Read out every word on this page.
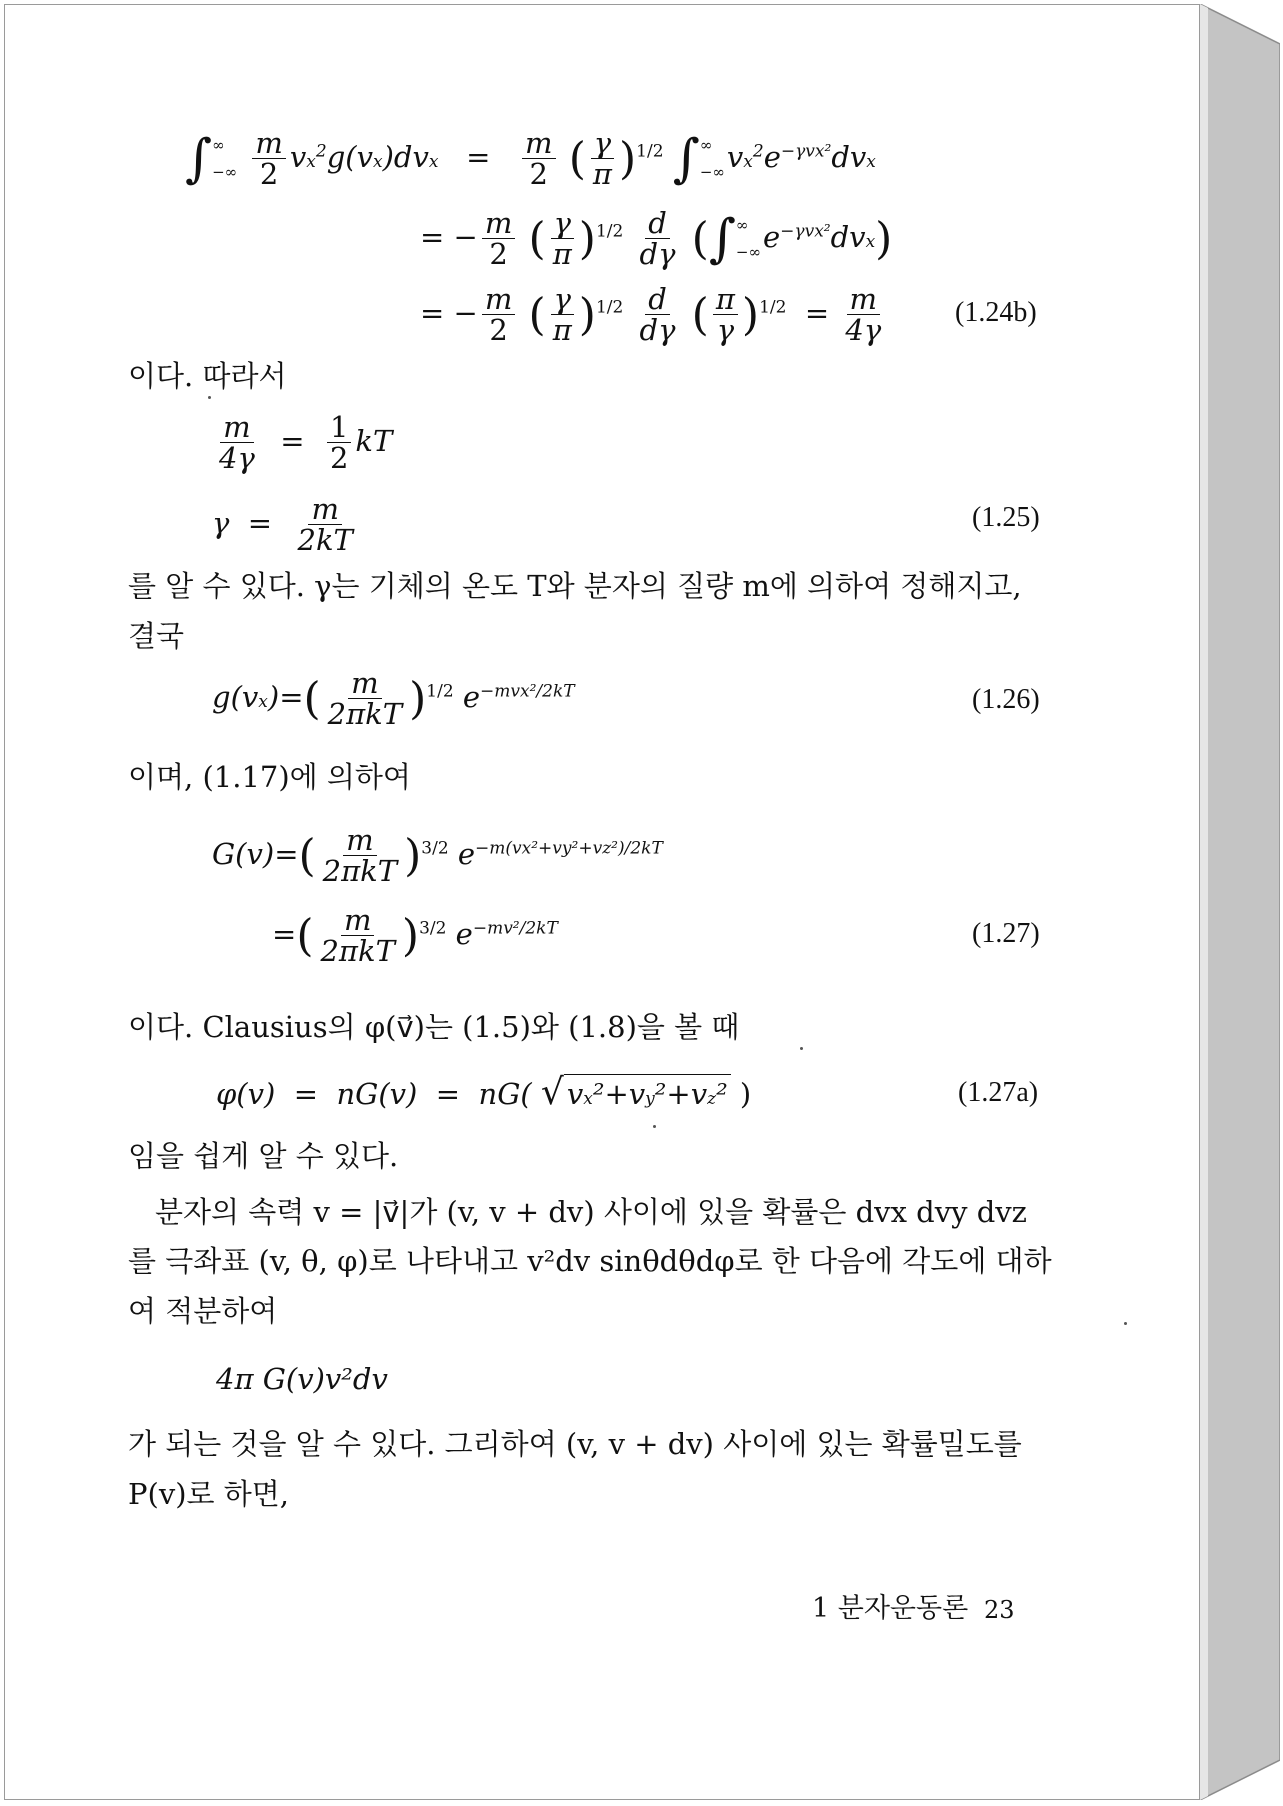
∫ ∞
−∞
$\frac{m}{2} vx^2g(vx)dvx = \frac{m}{2}$ ( $\frac{\gamma}{\pi} )^{1/2}$ ∫ ∞
−∞ $vx^2e^{-\gamma vx^2}dvx$
= − $\frac{m}{2}$ ( $\frac{\gamma}{\pi} )^{1/2} \frac{d}{d\gamma}$ (∫ ∞
−∞ $e^{-\gamma vx^2}dvx$)
= − $\frac{m}{2}$ ( $\frac{\gamma}{\pi} )^{1/2} \frac{d}{d\gamma}$ ( $\frac{\pi}{\gamma} )^{1/2} = \frac{m}{4\gamma}$	(1.24b)
이다. 따라서
$\frac{m}{4\gamma} = \frac{1}{2}$ kT
$\gamma = \frac{m}{2kT}$	(1.25)
를 알 수 있다. γ는 기체의 온도 T와 분자의 질량 m에 의하여 정해지고,
결국
$g(vx)=( \frac{m}{\text{2πkT}} )^{1/2}$ $e^{-mvx^2/2kT}$	(1.26)
이며, (1.17)에 의하여
$G(v)=( \frac{m}{\text{2πkT}} )^{3/2}$ $e^{-m(vx^2+vy^2+vz^2)/2kT}$
=( $\frac{m}{\text{2πkT}} )^{3/2}$ $e^{-mv^2/2kT}$	(1.27)
이다. Clausius의 φ(v⃗)는 (1.5)와 (1.8)을 볼 때
φ(v)  =  nG(v)  =  nG( √ vx²+vy²+vz² )	(1.27a)
임을 쉽게 알 수 있다.
분자의 속력 v = |v⃗|가 (v, v + dv) 사이에 있을 확률은 dvx dvy dvz
를 극좌표 (v, θ, φ)로 나타내고 v²dv sinθdθdφ로 한 다음에 각도에 대하
여 적분하여
4π G(v)v²dv
가 되는 것을 알 수 있다. 그리하여 (v, v + dv) 사이에 있는 확률밀도를
P(v)로 하면,
1 분자운동론 23
